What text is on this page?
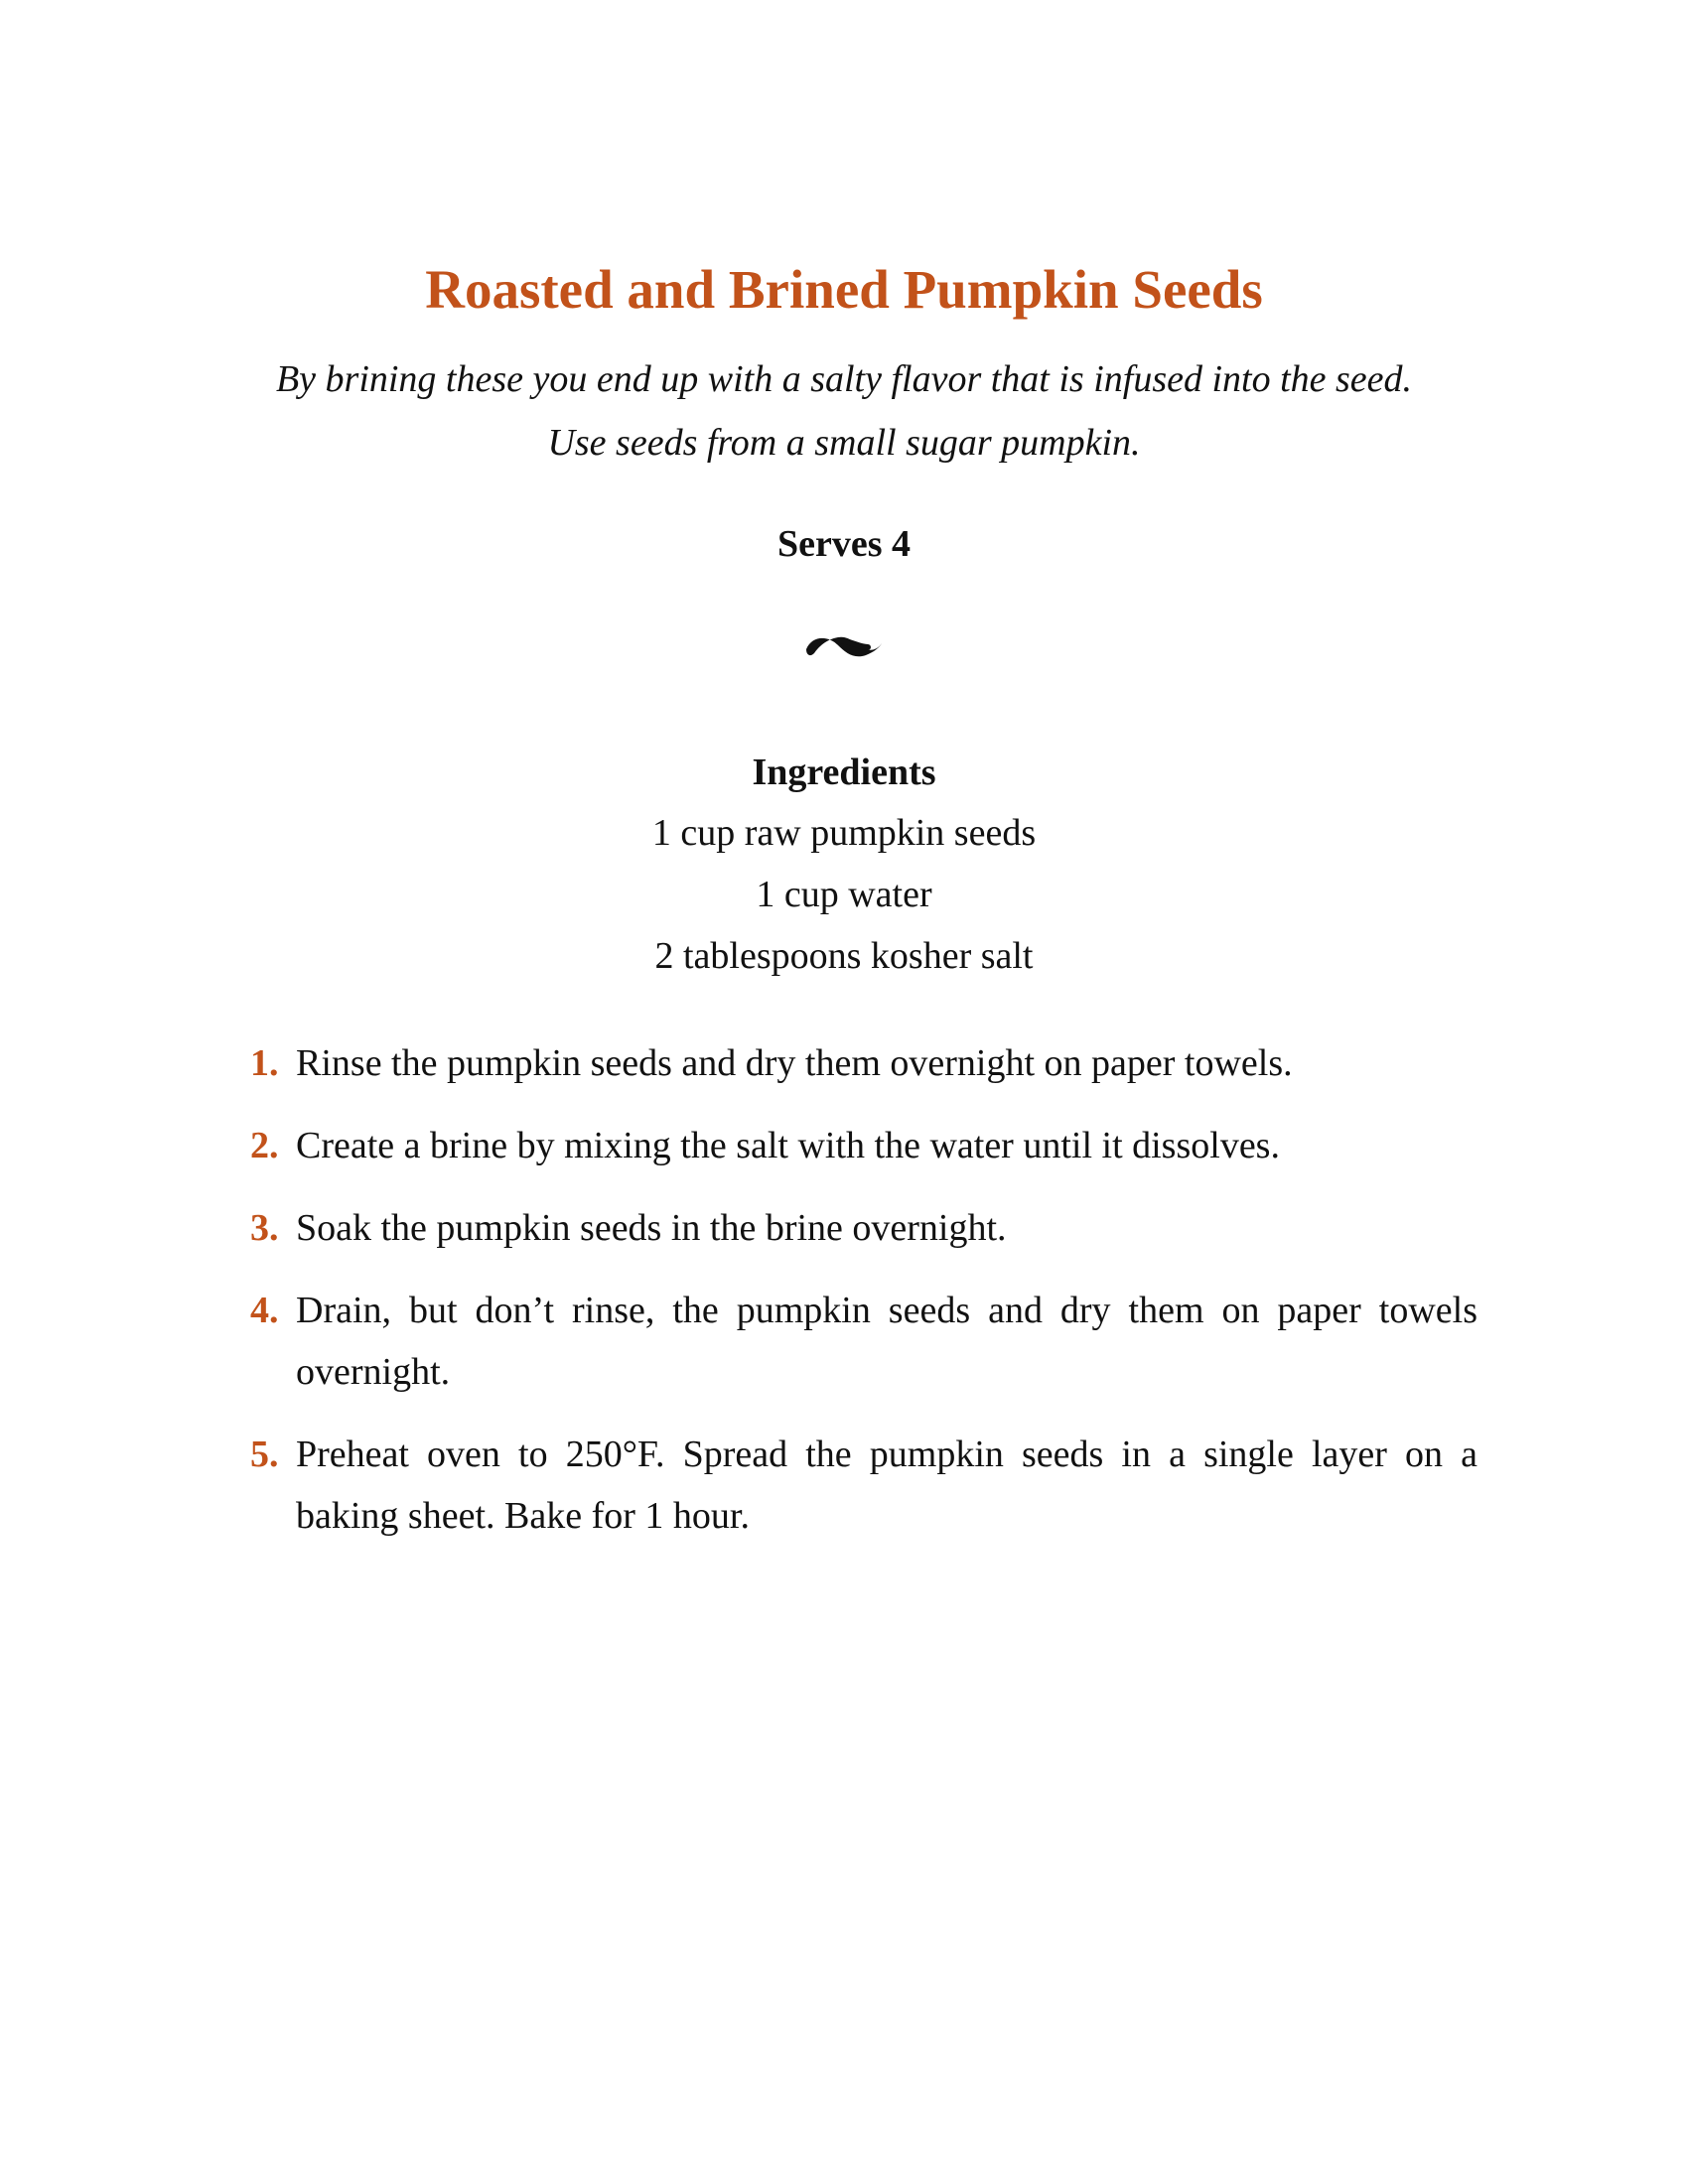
Roasted and Brined Pumpkin Seeds
By brining these you end up with a salty flavor that is infused into the seed.
Use seeds from a small sugar pumpkin.
Serves 4
Ingredients
1 cup raw pumpkin seeds
1 cup water
2 tablespoons kosher salt
1. Rinse the pumpkin seeds and dry them overnight on paper towels.
2. Create a brine by mixing the salt with the water until it dissolves.
3. Soak the pumpkin seeds in the brine overnight.
4. Drain, but don’t rinse, the pumpkin seeds and dry them on paper towels overnight.
5. Preheat oven to 250°F. Spread the pumpkin seeds in a single layer on a baking sheet. Bake for 1 hour.
